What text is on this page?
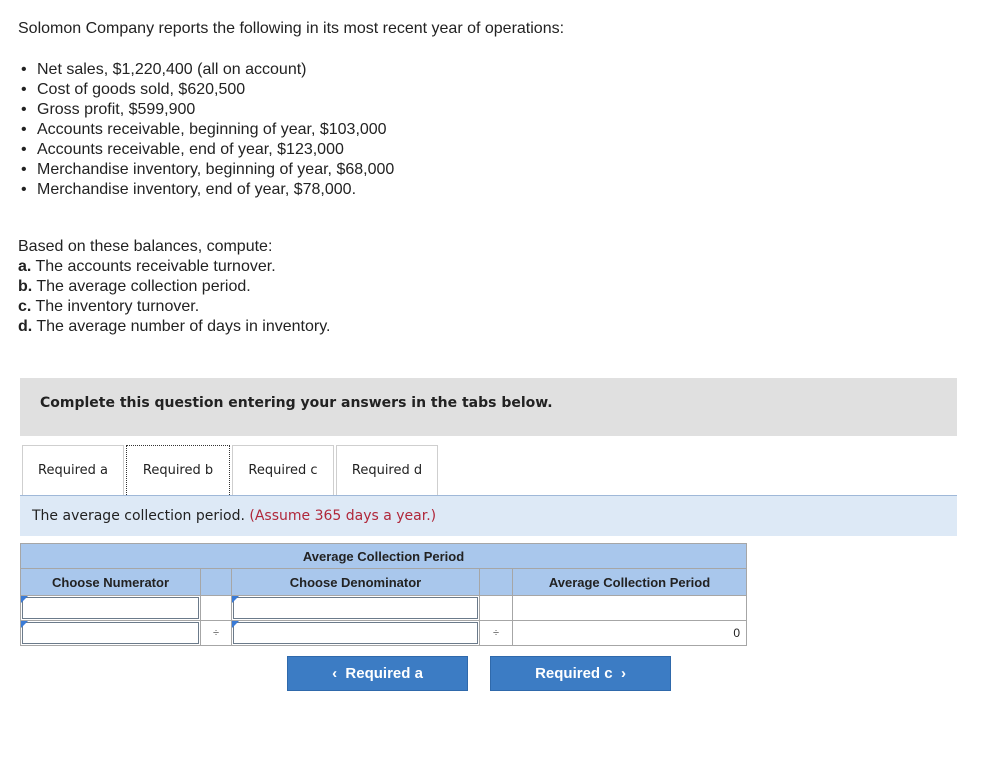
Solomon Company reports the following in its most recent year of operations:
• Net sales, $1,220,400 (all on account)
• Cost of goods sold, $620,500
• Gross profit, $599,900
• Accounts receivable, beginning of year, $103,000
• Accounts receivable, end of year, $123,000
• Merchandise inventory, beginning of year, $68,000
• Merchandise inventory, end of year, $78,000.
Based on these balances, compute:
a. The accounts receivable turnover.
b. The average collection period.
c. The inventory turnover.
d. The average number of days in inventory.
Complete this question entering your answers in the tabs below.
Required a	Required b	Required c	Required d
The average collection period. (Assume 365 days a year.)
Average Collection Period				
Choose Numerator		Choose Denominator		Average Collection Period

	÷		÷	0
‹
Required a	Required c
›
